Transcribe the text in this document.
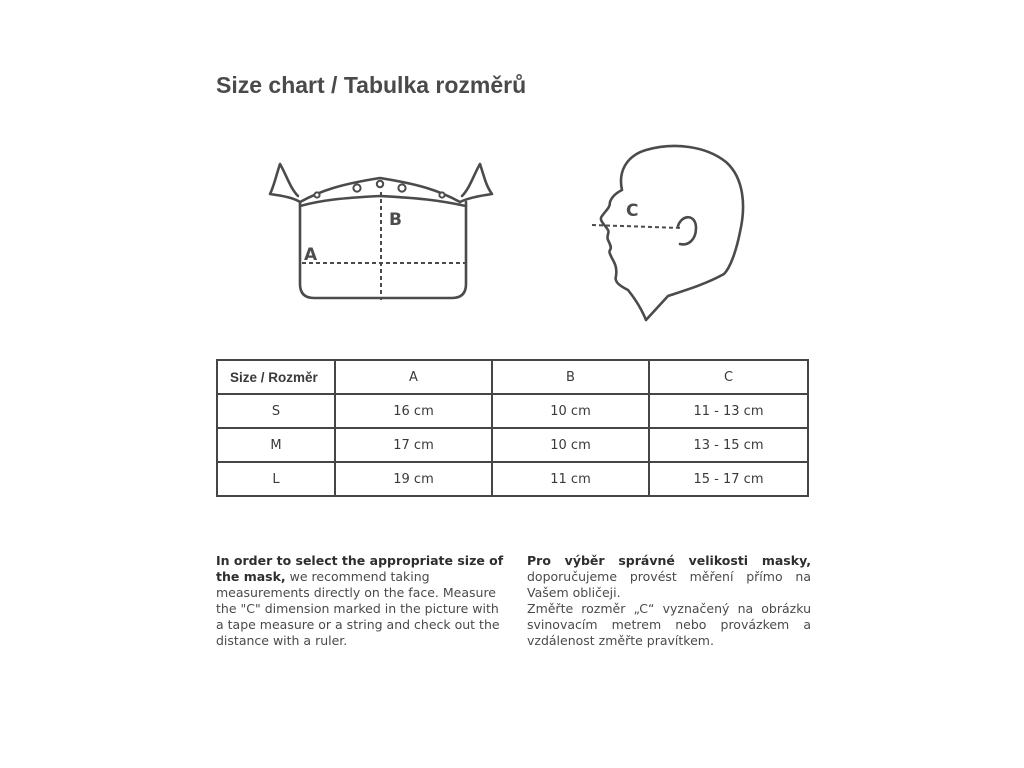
Size chart / Tabulka rozměrů
A
B	C
Size / Rozměr	A	B	C
S	16 cm	10 cm	11 - 13 cm
M	17 cm	10 cm	13 - 15 cm
L	19 cm	11 cm	15 - 17 cm
In order to select the appropriate size of the mask, we recommend taking measurements directly on the face. Measure the "C" dimension marked in the picture with a tape measure or a string and check out the distance with a ruler.
Pro výběr správné velikosti masky, doporučujeme provést měření přímo na Vašem obličeji.
Změřte rozměr „C“ vyznačený na obrázku svinovacím metrem nebo provázkem a vzdálenost změřte pravítkem.
